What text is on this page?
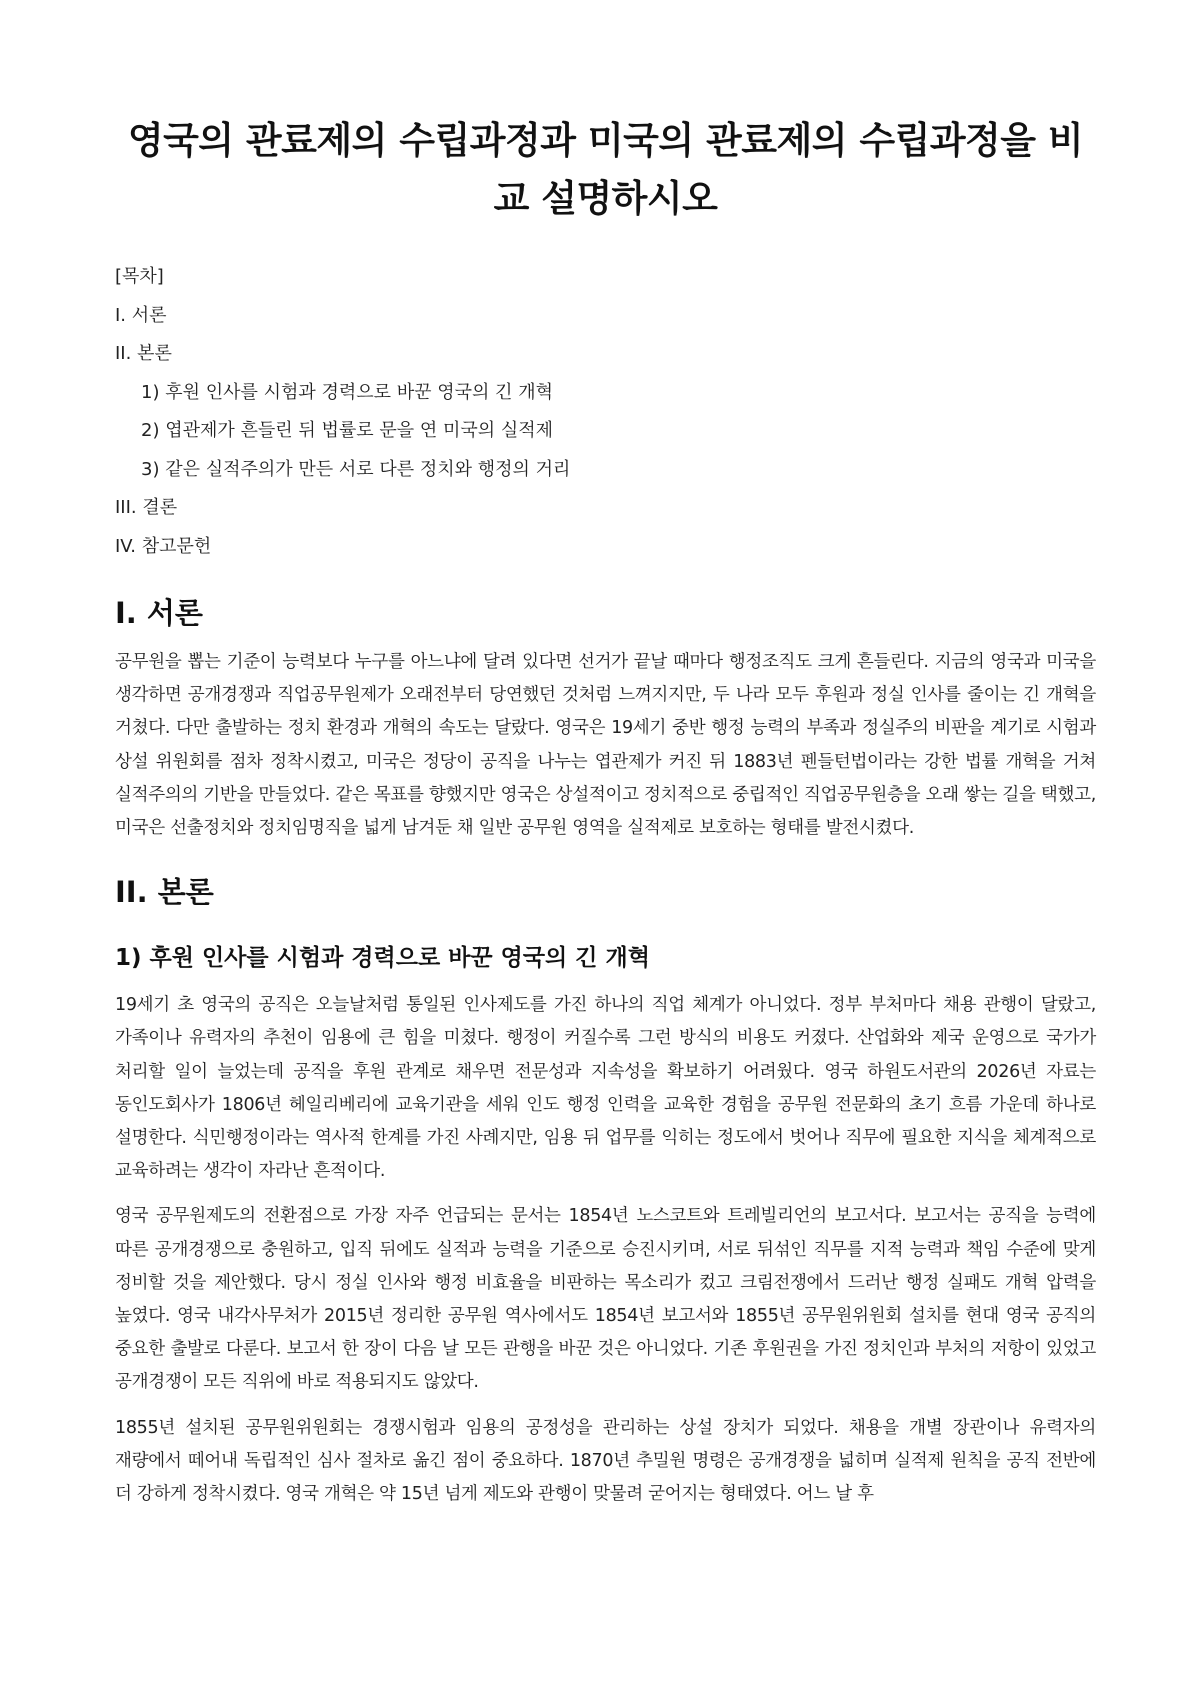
영국의 관료제의 수립과정과 미국의 관료제의 수립과정을 비교 설명하시오
[목차]
I. 서론
II. 본론
1) 후원 인사를 시험과 경력으로 바꾼 영국의 긴 개혁
2) 엽관제가 흔들린 뒤 법률로 문을 연 미국의 실적제
3) 같은 실적주의가 만든 서로 다른 정치와 행정의 거리
III. 결론
IV. 참고문헌
I. 서론

공무원을 뽑는 기준이 능력보다 누구를 아느냐에 달려 있다면 선거가 끝날 때마다 행정조직도 크게 흔들린다. 지금의 영국과 미국을 생각하면 공개경쟁과 직업공무원제가 오래전부터 당연했던 것처럼 느껴지지만, 두 나라 모두 후원과 정실 인사를 줄이는 긴 개혁을 거쳤다. 다만 출발하는 정치 환경과 개혁의 속도는 달랐다. 영국은 19세기 중반 행정 능력의 부족과 정실주의 비판을 계기로 시험과 상설 위원회를 점차 정착시켰고, 미국은 정당이 공직을 나누는 엽관제가 커진 뒤 1883년 펜들턴법이라는 강한 법률 개혁을 거쳐 실적주의의 기반을 만들었다. 같은 목표를 향했지만 영국은 상설적이고 정치적으로 중립적인 직업공무원층을 오래 쌓는 길을 택했고, 미국은 선출정치와 정치임명직을 넓게 남겨둔 채 일반 공무원 영역을 실적제로 보호하는 형태를 발전시켰다.

II. 본론
1) 후원 인사를 시험과 경력으로 바꾼 영국의 긴 개혁

19세기 초 영국의 공직은 오늘날처럼 통일된 인사제도를 가진 하나의 직업 체계가 아니었다. 정부 부처마다 채용 관행이 달랐고, 가족이나 유력자의 추천이 임용에 큰 힘을 미쳤다. 행정이 커질수록 그런 방식의 비용도 커졌다. 산업화와 제국 운영으로 국가가 처리할 일이 늘었는데 공직을 후원 관계로 채우면 전문성과 지속성을 확보하기 어려웠다. 영국 하원도서관의 2026년 자료는 동인도회사가 1806년 헤일리베리에 교육기관을 세워 인도 행정 인력을 교육한 경험을 공무원 전문화의 초기 흐름 가운데 하나로 설명한다. 식민행정이라는 역사적 한계를 가진 사례지만, 임용 뒤 업무를 익히는 정도에서 벗어나 직무에 필요한 지식을 체계적으로 교육하려는 생각이 자라난 흔적이다.

영국 공무원제도의 전환점으로 가장 자주 언급되는 문서는 1854년 노스코트와 트레빌리언의 보고서다. 보고서는 공직을 능력에 따른 공개경쟁으로 충원하고, 입직 뒤에도 실적과 능력을 기준으로 승진시키며, 서로 뒤섞인 직무를 지적 능력과 책임 수준에 맞게 정비할 것을 제안했다. 당시 정실 인사와 행정 비효율을 비판하는 목소리가 컸고 크림전쟁에서 드러난 행정 실패도 개혁 압력을 높였다. 영국 내각사무처가 2015년 정리한 공무원 역사에서도 1854년 보고서와 1855년 공무원위원회 설치를 현대 영국 공직의 중요한 출발로 다룬다. 보고서 한 장이 다음 날 모든 관행을 바꾼 것은 아니었다. 기존 후원권을 가진 정치인과 부처의 저항이 있었고 공개경쟁이 모든 직위에 바로 적용되지도 않았다.

1855년 설치된 공무원위원회는 경쟁시험과 임용의 공정성을 관리하는 상설 장치가 되었다. 채용을 개별 장관이나 유력자의 재량에서 떼어내 독립적인 심사 절차로 옮긴 점이 중요하다. 1870년 추밀원 명령은 공개경쟁을 넓히며 실적제 원칙을 공직 전반에 더 강하게 정착시켰다. 영국 개혁은 약 15년 넘게 제도와 관행이 맞물려 굳어지는 형태였다. 어느 날 후
